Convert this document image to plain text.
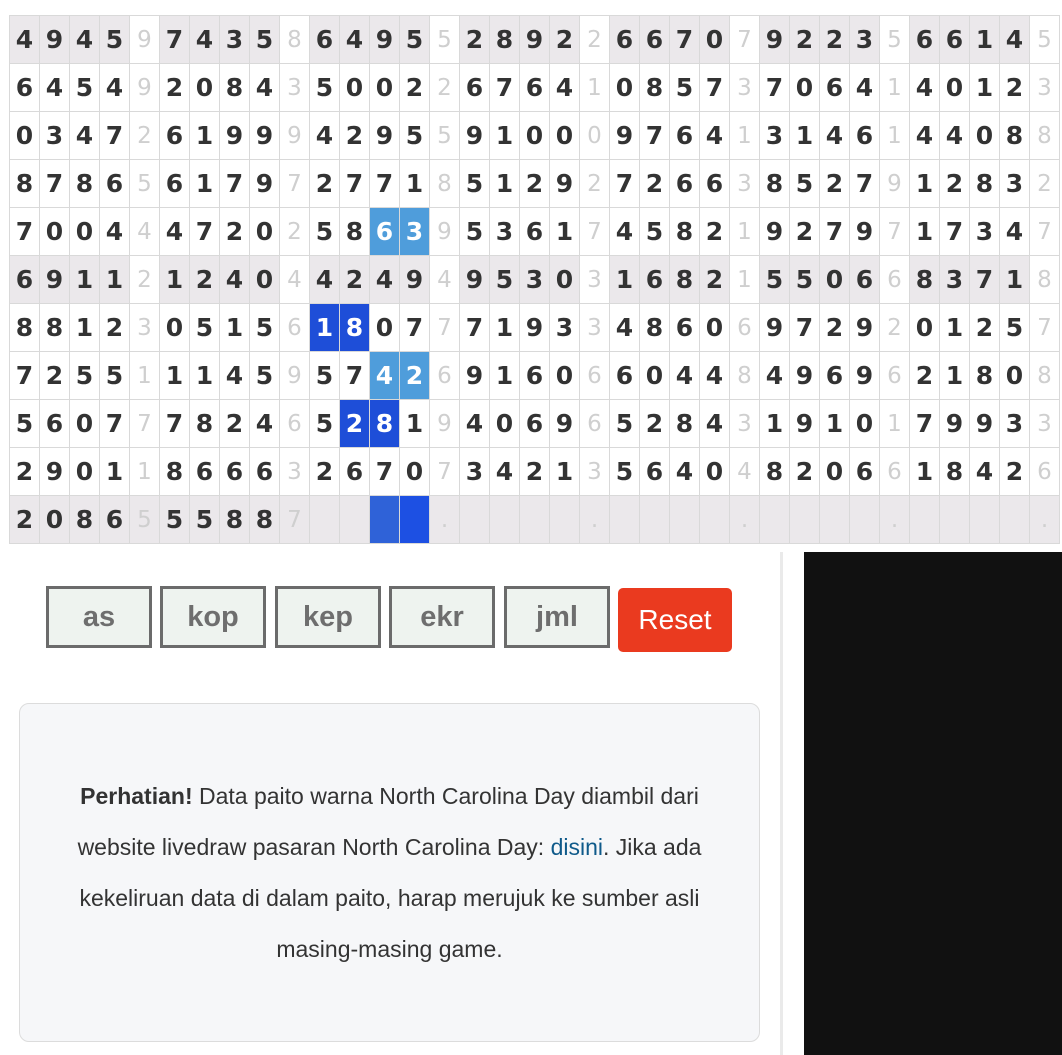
4	9	4	5	9	7	4	3	5	8	6	4	9	5	5	2	8	9	2	2	6	6	7	0	7	9	2	2	3	5	6	6	1	4	5
6	4	5	4	9	2	0	8	4	3	5	0	0	2	2	6	7	6	4	1	0	8	5	7	3	7	0	6	4	1	4	0	1	2	3
0	3	4	7	2	6	1	9	9	9	4	2	9	5	5	9	1	0	0	0	9	7	6	4	1	3	1	4	6	1	4	4	0	8	8
8	7	8	6	5	6	1	7	9	7	2	7	7	1	8	5	1	2	9	2	7	2	6	6	3	8	5	2	7	9	1	2	8	3	2
7	0	0	4	4	4	7	2	0	2	5	8	6	3	9	5	3	6	1	7	4	5	8	2	1	9	2	7	9	7	1	7	3	4	7
6	9	1	1	2	1	2	4	0	4	4	2	4	9	4	9	5	3	0	3	1	6	8	2	1	5	5	0	6	6	8	3	7	1	8
8	8	1	2	3	0	5	1	5	6	1	8	0	7	7	7	1	9	3	3	4	8	6	0	6	9	7	2	9	2	0	1	2	5	7
7	2	5	5	1	1	1	4	5	9	5	7	4	2	6	9	1	6	0	6	6	0	4	4	8	4	9	6	9	6	2	1	8	0	8
5	6	0	7	7	7	8	2	4	6	5	2	8	1	9	4	0	6	9	6	5	2	8	4	3	1	9	1	0	1	7	9	9	3	3
2	9	0	1	1	8	6	6	6	3	2	6	7	0	7	3	4	2	1	3	5	6	4	0	4	8	2	0	6	6	1	8	4	2	6
2	0	8	6	5	5	5	8	8	7					.					.					.					.					.
as	kop	kep	ekr	jml	Reset

Perhatian! Data paito warna North Carolina Day diambil dari website livedraw pasaran North Carolina Day: disini. Jika ada kekeliruan data di dalam paito, harap merujuk ke sumber asli masing-masing game.
